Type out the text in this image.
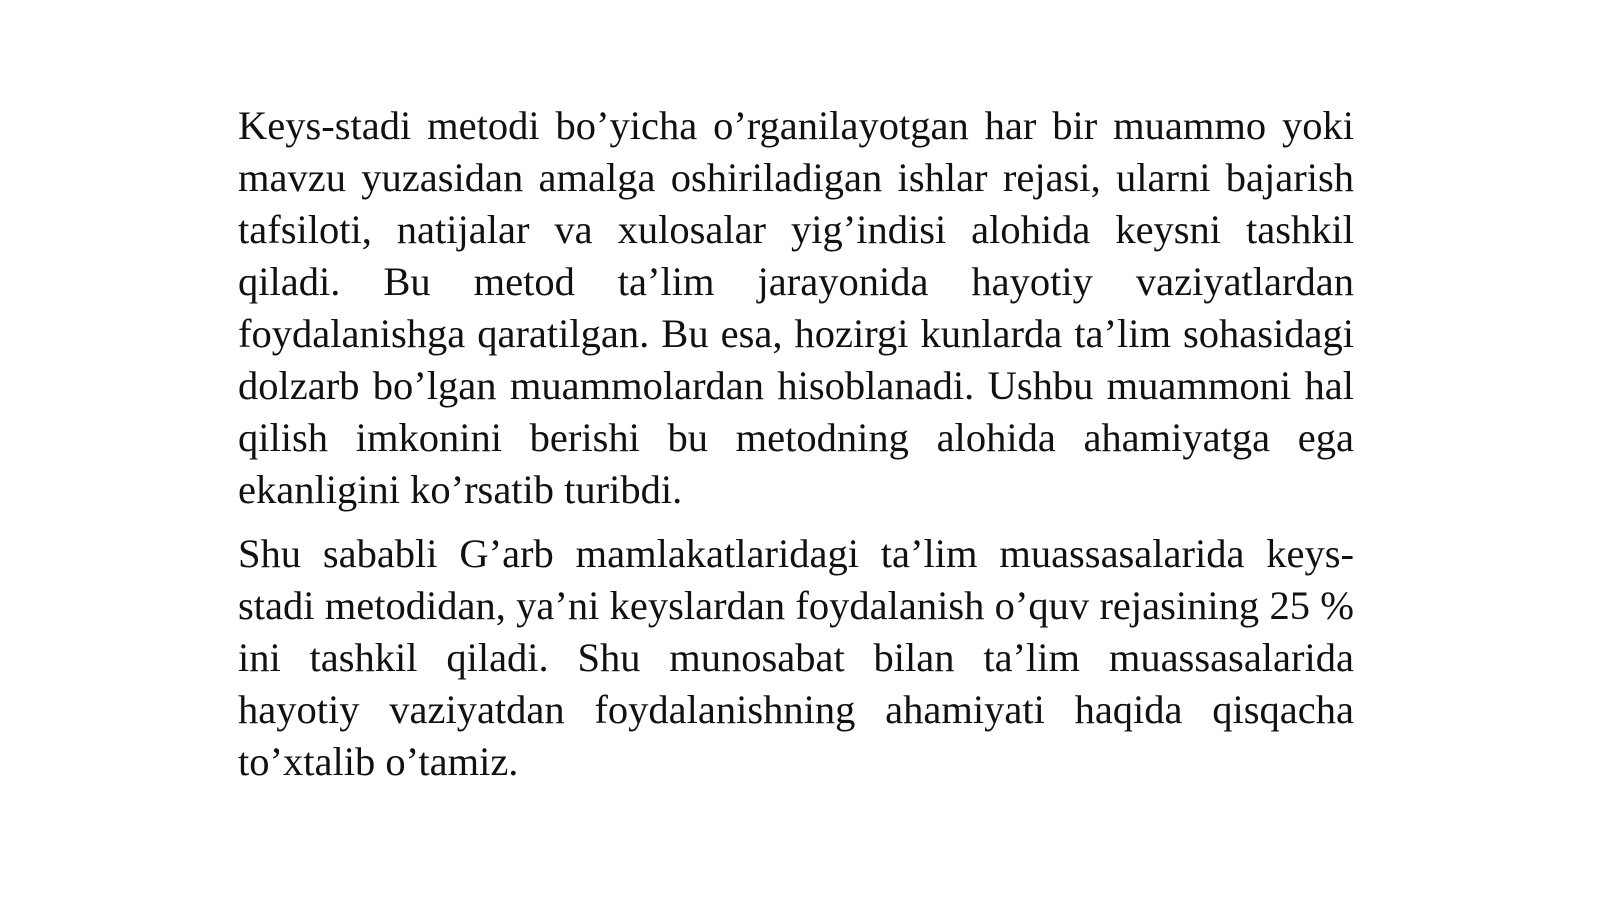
Keys-stadi metodi bo’yicha o’rganilayotgan har bir muammo yoki mavzu yuzasidan amalga oshiriladigan ishlar rejasi, ularni bajarish tafsiloti, natijalar va xulosalar yig’indisi alohida keysni tashkil qiladi. Bu metod ta’lim jarayonida hayotiy vaziyatlardan foydalanishga qaratilgan. Bu esa, hozirgi kunlarda ta’lim sohasidagi dolzarb bo’lgan muammolardan hisoblanadi. Ushbu muammoni hal qilish imkonini berishi bu metodning alohida ahamiyatga ega ekanligini ko’rsatib turibdi.

Shu sababli G’arb mamlakatlaridagi ta’lim muassasalarida keys-stadi metodidan, ya’ni keyslardan foydalanish o’quv rejasining 25 % ini tashkil qiladi. Shu munosabat bilan ta’lim muassasalarida hayotiy vaziyatdan foydalanishning ahamiyati haqida qisqacha to’xtalib o’tamiz.
